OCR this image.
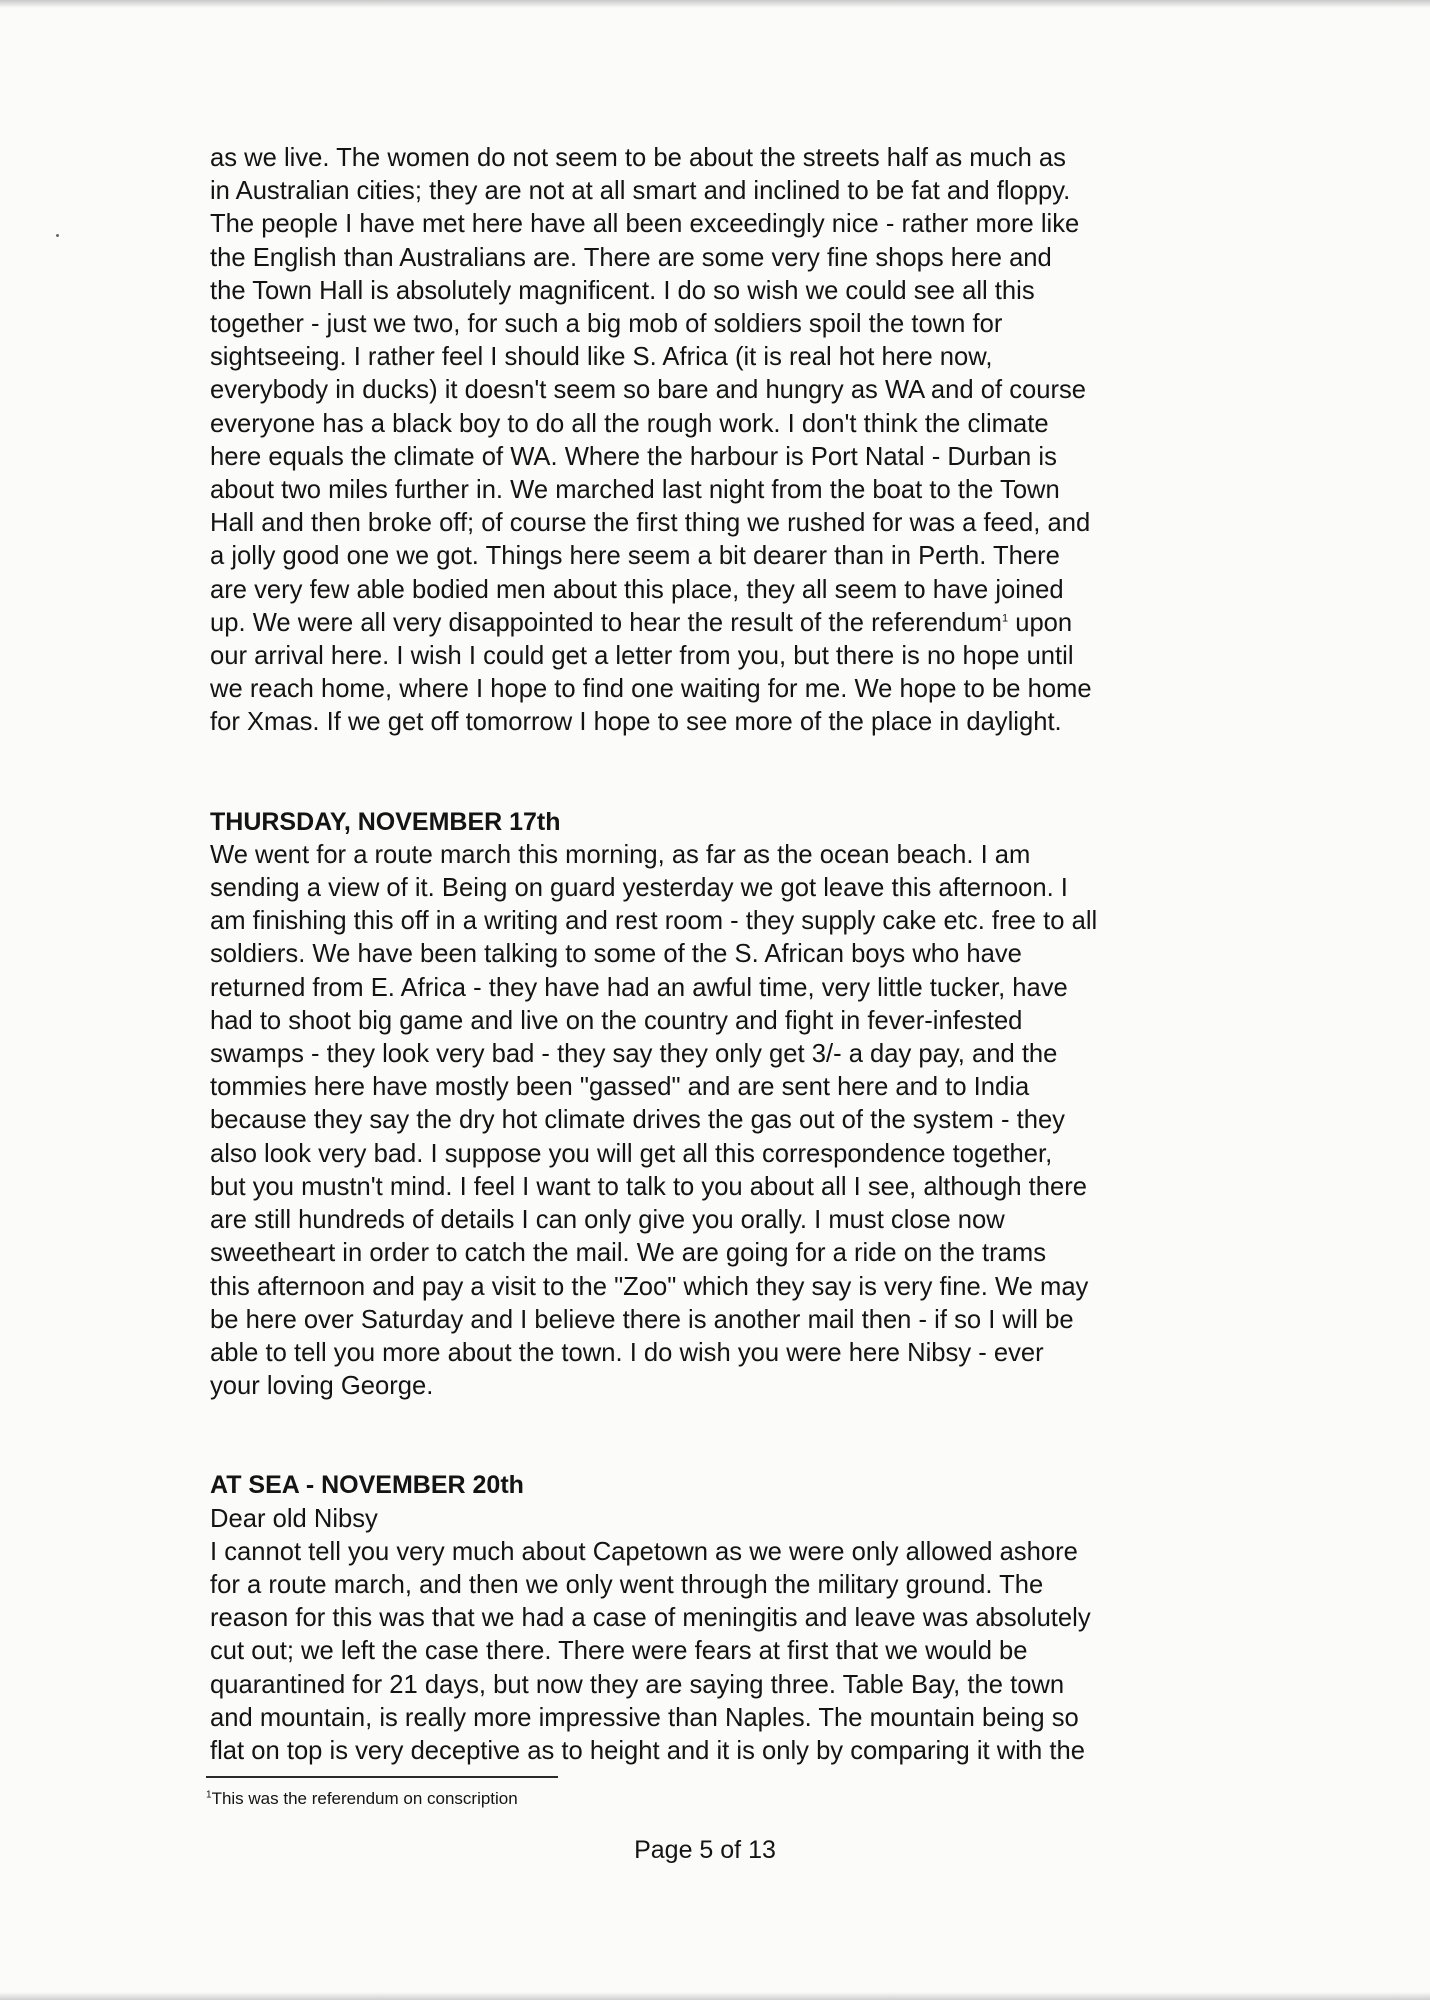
as we live. The women do not seem to be about the streets half as much as
in Australian cities; they are not at all smart and inclined to be fat and floppy.
The people I have met here have all been exceedingly nice - rather more like
the English than Australians are. There are some very fine shops here and
the Town Hall is absolutely magnificent. I do so wish we could see all this
together - just we two, for such a big mob of soldiers spoil the town for
sightseeing. I rather feel I should like S. Africa (it is real hot here now,
everybody in ducks) it doesn't seem so bare and hungry as WA and of course
everyone has a black boy to do all the rough work. I don't think the climate
here equals the climate of WA. Where the harbour is Port Natal - Durban is
about two miles further in. We marched last night from the boat to the Town
Hall and then broke off; of course the first thing we rushed for was a feed, and
a jolly good one we got. Things here seem a bit dearer than in Perth. There
are very few able bodied men about this place, they all seem to have joined
up. We were all very disappointed to hear the result of the referendum$^1$ upon
our arrival here. I wish I could get a letter from you, but there is no hope until
we reach home, where I hope to find one waiting for me. We hope to be home
for Xmas. If we get off tomorrow I hope to see more of the place in daylight.

THURSDAY, NOVEMBER 17th

We went for a route march this morning, as far as the ocean beach. I am
sending a view of it. Being on guard yesterday we got leave this afternoon. I
am finishing this off in a writing and rest room - they supply cake etc. free to all
soldiers. We have been talking to some of the S. African boys who have
returned from E. Africa - they have had an awful time, very little tucker, have
had to shoot big game and live on the country and fight in fever-infested
swamps - they look very bad - they say they only get 3/- a day pay, and the
tommies here have mostly been "gassed" and are sent here and to India
because they say the dry hot climate drives the gas out of the system - they
also look very bad. I suppose you will get all this correspondence together,
but you mustn't mind. I feel I want to talk to you about all I see, although there
are still hundreds of details I can only give you orally. I must close now
sweetheart in order to catch the mail. We are going for a ride on the trams
this afternoon and pay a visit to the "Zoo" which they say is very fine. We may
be here over Saturday and I believe there is another mail then - if so I will be
able to tell you more about the town. I do wish you were here Nibsy - ever
your loving George.

AT SEA - NOVEMBER 20th

Dear old Nibsy
I cannot tell you very much about Capetown as we were only allowed ashore
for a route march, and then we only went through the military ground. The
reason for this was that we had a case of meningitis and leave was absolutely
cut out; we left the case there. There were fears at first that we would be
quarantined for 21 days, but now they are saying three. Table Bay, the town
and mountain, is really more impressive than Naples. The mountain being so
flat on top is very deceptive as to height and it is only by comparing it with the

$^1$This was the referendum on conscription

Page 5 of 13
